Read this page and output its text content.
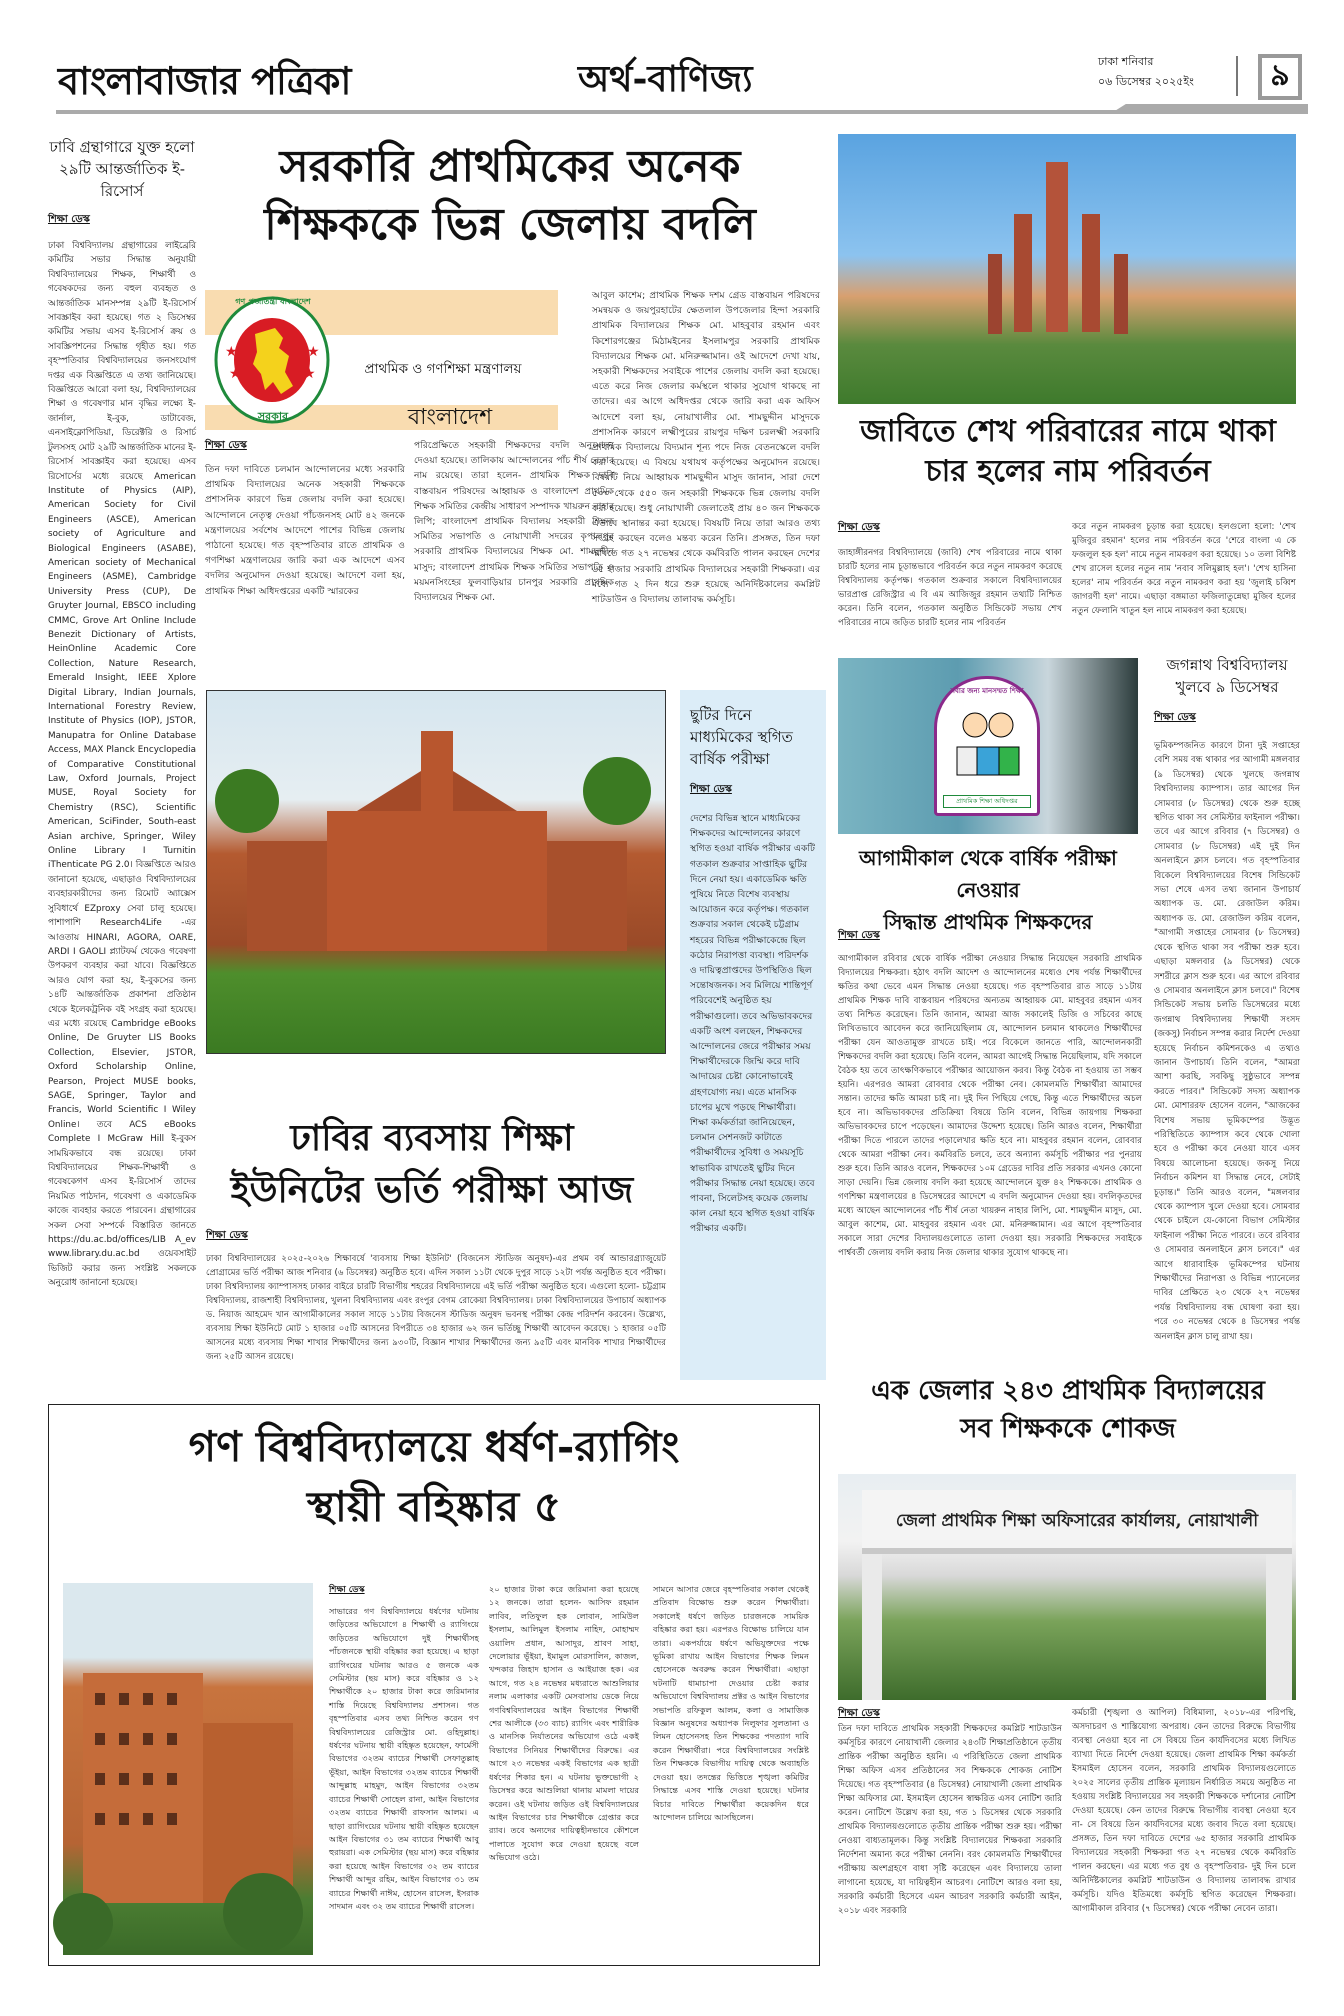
বাংলাবাজার পত্রিকা	অর্থ-বাণিজ্য	ঢাকা শনিবার
০৬ ডিসেম্বর ২০২৫ইং	৯
ঢাবি গ্রন্থাগারে যুক্ত হলো ২৯টি আন্তর্জাতিক ই-রিসোর্স
শিক্ষা ডেস্ক
ঢাকা বিশ্ববিদ্যালয় গ্রন্থাগারের লাইব্রেরি কমিটির সভার সিদ্ধান্ত অনুযায়ী বিশ্ববিদ্যালয়ের শিক্ষক, শিক্ষার্থী ও গবেষকদের জন্য বহুল ব্যবহৃত ও আন্তর্জাতিক মানসম্পন্ন ২৯টি ই-রিসোর্স সাবস্ক্রাইব করা হয়েছে। গত ২ ডিসেম্বর কমিটির সভায় এসব ই-রিসোর্স ক্রয় ও সাবস্ক্রিপশনের সিদ্ধান্ত গৃহীত হয়। গত বৃহস্পতিবার বিশ্ববিদ্যালয়ের জনসংযোগ দপ্তর এক বিজ্ঞপ্তিতে এ তথ্য জানিয়েছে। বিজ্ঞপ্তিতে আরো বলা হয়, বিশ্ববিদ্যালয়ের শিক্ষা ও গবেষণার মান বৃদ্ধির লক্ষ্যে ই-জার্নাল, ই-বুক, ডাটাবেজ, এনসাইক্লোপিডিয়া, ডিরেক্টরি ও রিসার্চ টুলসসহ মোট ২৯টি আন্তর্জাতিক মানের ই-রিসোর্স সাবস্ক্রাইব করা হয়েছে। এসব রিসোর্সের মধ্যে রয়েছে American Institute of Physics (AIP), American Society for Civil Engineers (ASCE), American society of Agriculture and Biological Engineers (ASABE), American society of Mechanical Engineers (ASME), Cambridge University Press (CUP), De Gruyter Journal, EBSCO including CMMC, Grove Art Online Include Benezit Dictionary of Artists, HeinOnline Academic Core Collection, Nature Research, Emerald Insight, IEEE Xplore Digital Library, Indian Journals, International Forestry Review, Institute of Physics (IOP), JSTOR, Manupatra for Online Database Access, MAX Planck Encyclopedia of Comparative Constitutional Law, Oxford Journals, Project MUSE, Royal Society for Chemistry (RSC), Scientific American, SciFinder, South-east Asian archive, Springer, Wiley Online Library I Turnitin iThenticate PG 2.0। বিজ্ঞপ্তিতে আরও জানানো হয়েছে, এছাড়াও বিশ্ববিদ্যালয়ের ব্যবহারকারীদের জন্য রিমোট অ্যাক্সেস সুবিধার্থে EZproxy সেবা চালু হয়েছে। পাশাপাশি Research4Life -এর আওতায় HINARI, AGORA, OARE, ARDI I GAOLI প্ল্যাটফর্ম থেকেও গবেষণা উপকরণ ব্যবহার করা যাবে। বিজ্ঞপ্তিতে আরও যোগ করা হয়, ই-বুকসের জন্য ১৪টি আন্তর্জাতিক প্রকাশনা প্রতিষ্ঠান থেকে ইলেকট্রনিক বই সংগ্রহ করা হয়েছে। এর মধ্যে রয়েছে Cambridge eBooks Online, De Gruyter LIS Books Collection, Elsevier, JSTOR, Oxford Scholarship Online, Pearson, Project MUSE books, SAGE, Springer, Taylor and Francis, World Scientific I Wiley Online। তবে ACS eBooks Complete I McGraw Hill ই-বুকস সাময়িকভাবে বন্ধ রয়েছে। ঢাকা বিশ্ববিদ্যালয়ের শিক্ষক-শিক্ষার্থী ও গবেষকেগণ এসব ই-রিসোর্স তাদের নিয়মিত পাঠদান, গবেষণা ও একাডেমিক কাজে ব্যবহার করতে পারবেন। গ্রন্থাগারের সকল সেবা সম্পর্কে বিস্তারিত জানতে https://du.ac.bd/offices/LIB A_ev www.library.du.ac.bd ওয়েবসাইট ভিজিট করার জন্য সংশ্লিষ্ট সকলকে অনুরোধ জানানো হয়েছে।
সরকারি প্রাথমিকের অনেক
শিক্ষককে ভিন্ন জেলায় বদলি
★	★
★	★
গণ প্রজাতন্ত্রী বাংলাদেশ
সরকার
প্রাথমিক ও গণশিক্ষা মন্ত্রণালয়
বাংলাদেশ
শিক্ষা ডেস্ক
তিন দফা দাবিতে চলমান আন্দোলনের মধ্যে সরকারি প্রাথমিক বিদ্যালয়ের অনেক সহকারী শিক্ষককে প্রশাসনিক কারণে ভিন্ন জেলায় বদলি করা হয়েছে। আন্দোলনে নেতৃত্ব দেওয়া পাঁচজনসহ মোট ৪২ জনকে মন্ত্রণালয়ের সর্বশেষ আদেশে পাশের বিভিন্ন জেলায় পাঠানো হয়েছে। গত বৃহস্পতিবার রাতে প্রাথমিক ও গণশিক্ষা মন্ত্রণালয়ের জারি করা এক আদেশে এসব বদলির অনুমোদন দেওয়া হয়েছে। আদেশে বলা হয়, প্রাথমিক শিক্ষা অধিদপ্তরের একটি স্মারকের
পরিপ্রেক্ষিতে সহকারী শিক্ষকদের বদলি অনুমোদন দেওয়া হয়েছে। তালিকায় আন্দোলনের পাঁচ শীর্ষ নেতার নাম রয়েছে। তারা হলেন- প্রাথমিক শিক্ষক দাবি বাস্তবায়ন পরিষদের আহ্বায়ক ও বাংলাদেশ প্রাথমিক শিক্ষক সমিতির কেন্দ্রীয় সাধারণ সম্পাদক খায়রুন নাহার লিপি; বাংলাদেশ প্রাথমিক বিদ্যালয় সহকারী শিক্ষক সমিতির সভাপতি ও নোয়াখালী সদরের কৃপালপুর সরকারি প্রাথমিক বিদ্যালয়ের শিক্ষক মো. শামছুদ্দীন মাসুদ; বাংলাদেশ প্রাথমিক শিক্ষক সমিতির সভাপতি ও ময়মনসিংহের ফুলবাড়িয়ার চানপুর সরকারি প্রাথমিক বিদ্যালয়ের শিক্ষক মো.
আবুল কাশেম; প্রাথমিক শিক্ষক দশম গ্রেড বাস্তবায়ন পরিষদের সমন্বয়ক ও জয়পুরহাটের ক্ষেতলাল উপজেলার হিন্দা সরকারি প্রাথমিক বিদ্যালয়ের শিক্ষক মো. মাহবুবার রহমান এবং কিশোরগঞ্জের মিঠামইনের ইসলামপুর সরকারি প্রাথমিক বিদ্যালয়ের শিক্ষক মো. মনিরুজ্জামান। ওই আদেশে দেখা যায়, সহকারী শিক্ষকদের সবাইকে পাশের জেলায় বদলি করা হয়েছে। এতে করে নিজ জেলার কর্মস্থলে থাকার সুযোগ থাকছে না তাদের। এর আগে অধিদপ্তর থেকে জারি করা এক অফিস আদেশে বলা হয়, নোয়াখালীর মো. শামছুদ্দীন মাসুদকে প্রশাসনিক কারণে লক্ষ্মীপুরের রায়পুর দক্ষিণ চরলক্ষ্মী সরকারি প্রাথমিক বিদ্যালয়ে বিদ্যমান শূন্য পদে নিজ বেতনস্কেলে বদলি করা হয়েছে। এ বিষয়ে যথাযথ কর্তৃপক্ষের অনুমোদন রয়েছে। বিষয়টি নিয়ে আহ্বায়ক শামছুদ্দীন মাসুদ জানান, সারা দেশে ৫০০ থেকে ৫৫০ জন সহকারী শিক্ষককে ভিন্ন জেলায় বদলি করা হয়েছে। শুধু নোয়াখালী জেলাতেই প্রায় ৪০ জন শিক্ষককে এভাবে স্থানান্তর করা হয়েছে। বিষয়টি নিয়ে তারা আরও তথ্য সংগ্রহ করছেন বলেও মন্তব্য করেন তিনি। প্রসঙ্গত, তিন দফা দাবিতে গত ২৭ নভেম্বর থেকে কর্মবিরতি পালন করছেন দেশের ৬৫ হাজার সরকারি প্রাথমিক বিদ্যালয়ের সহকারী শিক্ষকরা। এর মধ্যে গত ২ দিন ধরে শুরু হয়েছে অনির্দিষ্টকালের কমপ্লিট শাটডাউন ও বিদ্যালয় তালাবদ্ধ কর্মসূচি।
জাবিতে শেখ পরিবারের নামে থাকা
চার হলের নাম পরিবর্তন
শিক্ষা ডেস্ক
জাহাঙ্গীরনগর বিশ্ববিদ্যালয়ে (জাবি) শেখ পরিবারের নামে থাকা চারটি হলের নাম চূড়ান্তভাবে পরিবর্তন করে নতুন নামকরণ করেছে বিশ্ববিদ্যালয় কর্তৃপক্ষ। গতকাল শুক্রবার সকালে বিশ্ববিদ্যালয়ের ভারপ্রাপ্ত রেজিস্ট্রার এ বি এম আজিজুর রহমান তথ্যটি নিশ্চিত করেন। তিনি বলেন, গতকাল অনুষ্ঠিত সিন্ডিকেট সভায় শেখ পরিবারের নামে জড়িত চারটি হলের নাম পরিবর্তন
করে নতুন নামকরণ চূড়ান্ত করা হয়েছে। হলগুলো হলো: 'শেখ মুজিবুর রহমান' হলের নাম পরিবর্তন করে 'শেরে বাংলা এ কে ফজলুল হক হল' নামে নতুন নামকরণ করা হয়েছে। ১০ তলা বিশিষ্ট শেখ রাসেল হলের নতুন নাম 'নবাব সলিমুল্লাহ হল'। 'শেখ হাসিনা হলের' নাম পরিবর্তন করে নতুন নামকরণ করা হয় 'জুলাই চব্বিশ জাগরণী হল' নামে। এছাড়া বঙ্গমাতা ফজিলাতুন্নেছা মুজিব হলের নতুন ফেলানি খাতুন হল নামে নামকরণ করা হয়েছে।
ছুটির দিনে মাধ্যমিকের স্থগিত বার্ষিক পরীক্ষা
শিক্ষা ডেস্ক
দেশের বিভিন্ন স্থানে মাধ্যমিকের শিক্ষকদের আন্দোলনের কারণে স্থগিত হওয়া বার্ষিক পরীক্ষার একটি গতকাল শুক্রবার সাপ্তাহিক ছুটির দিনে নেয়া হয়। একাডেমিক ক্ষতি পুষিয়ে নিতে বিশেষ ব্যবস্থায় আয়োজন করে কর্তৃপক্ষ। গতকাল শুক্রবার সকাল থেকেই চট্টগ্রাম শহরের বিভিন্ন পরীক্ষাকেন্দ্রে ছিল কঠোর নিরাপত্তা ব্যবস্থা। পরিদর্শক ও দায়িত্বপ্রাপ্তদের উপস্থিতিও ছিল সন্তোষজনক। সব মিলিয়ে শান্তিপূর্ণ পরিবেশেই অনুষ্ঠিত হয় পরীক্ষাগুলো। তবে অভিভাবকদের একটি অংশ বলছেন, শিক্ষকদের আন্দোলনের জেরে পরীক্ষার সময় শিক্ষার্থীদেরকে জিম্মি করে দাবি আদায়ের চেষ্টা কোনোভাবেই গ্রহণযোগ্য নয়। এতে মানসিক চাপের মুখে পড়ছে শিক্ষার্থীরা। শিক্ষা কর্মকর্তারা জানিয়েছেন, চলমান সেশনজট কাটাতে পরীক্ষার্থীদের সুবিধা ও সময়সূচি স্বাভাবিক রাখতেই ছুটির দিনে পরীক্ষার সিদ্ধান্ত নেয়া হয়েছে। তবে পাবনা, সিলেটসহ কয়েক জেলায় কাল নেয়া হবে স্থগিত হওয়া বার্ষিক পরীক্ষার একটি।
সবার জন্য মানসম্মত শিক্ষা
প্রাথমিক শিক্ষা অধিদপ্তর
আগামীকাল থেকে বার্ষিক পরীক্ষা নেওয়ার
সিদ্ধান্ত প্রাথমিক শিক্ষকদের
শিক্ষা ডেস্ক
আগামীকাল রবিবার থেকে বার্ষিক পরীক্ষা নেওয়ার সিদ্ধান্ত নিয়েছেন সরকারি প্রাথমিক বিদ্যালয়ের শিক্ষকরা। হঠাৎ বদলি আদেশ ও আন্দোলনের মধ্যেও শেষ পর্যন্ত শিক্ষার্থীদের ক্ষতির কথা ভেবে এমন সিদ্ধান্ত নেওয়া হয়েছে। গত বৃহস্পতিবার রাত সাড়ে ১১টায় প্রাথমিক শিক্ষক দাবি বাস্তবায়ন পরিষদের অন্যতম আহ্বায়ক মো. মাহবুবর রহমান এসব তথ্য নিশ্চিত করেছেন। তিনি জানান, আমরা আজ সকালেই ডিজি ও সচিবের কাছে লিখিতভাবে আবেদন করে জানিয়েছিলাম যে, আন্দোলন চলমান থাকলেও শিক্ষার্থীদের পরীক্ষা যেন আওতামুক্ত রাখতে চাই। পরে বিকেলে জানতে পারি, আন্দোলনকারী শিক্ষকদের বদলি করা হয়েছে। তিনি বলেন, আমরা আগেই সিদ্ধান্ত নিয়েছিলাম, যদি সকালে বৈঠক হয় তবে তাৎক্ষণিকভাবে পরীক্ষার আয়োজন করব। কিন্তু বৈঠক না হওয়ায় তা সম্ভব হয়নি। এরপরও আমরা রোববার থেকে পরীক্ষা নেব। কোমলমতি শিক্ষার্থীরা আমাদের সন্তান। তাদের ক্ষতি আমরা চাই না। দুই দিন পিছিয়ে গেছে, কিন্তু এতে শিক্ষার্থীদের অচল হবে না। অভিভাবকদের প্রতিক্রিয়া বিষয়ে তিনি বলেন, বিভিন্ন জায়গায় শিক্ষকরা অভিভাবকদের চাপে পড়েছেন। আমাদের উদ্দেশ্য হয়েছে। তিনি আরও বলেন, শিক্ষার্থীরা পরীক্ষা দিতে পারলে তাদের পড়ালেখার ক্ষতি হবে না। মাহবুবর রহমান বলেন, রোববার থেকে আমরা পরীক্ষা নেব। কর্মবিরতি চলবে, তবে অন্যান্য কর্মসূচি পরীক্ষার পর পুনরায় শুরু হবে। তিনি আরও বলেন, শিক্ষকদের ১০ম গ্রেডের দাবির প্রতি সরকার এখনও কোনো সাড়া দেয়নি। ভিন্ন জেলায় বদলি করা হয়েছে আন্দোলনে যুক্ত ৪২ শিক্ষককে। প্রাথমিক ও গণশিক্ষা মন্ত্রণালয়ের ৪ ডিসেম্বরের আদেশে এ বদলি অনুমোদন দেওয়া হয়। বদলিকৃতদের মধ্যে আছেন আন্দোলনের পাঁচ শীর্ষ নেতা খায়রুন নাহার লিপি, মো. শামছুদ্দীন মাসুদ, মো. আবুল কাশেম, মো. মাহবুবর রহমান এবং মো. মনিরুজ্জামান। এর আগে বৃহস্পতিবার সকালে সারা দেশের বিদ্যালয়গুলোতে তালা দেওয়া হয়। সরকারি শিক্ষকদের সবাইকে পার্শ্ববর্তী জেলায় বদলি করায় নিজ জেলার থাকার সুযোগ থাকছে না।
জগন্নাথ বিশ্ববিদ্যালয় খুলবে ৯ ডিসেম্বর
শিক্ষা ডেস্ক
ভূমিকম্পজনিত কারণে টানা দুই সপ্তাহের বেশি সময় বন্ধ থাকার পর আগামী মঙ্গলবার (৯ ডিসেম্বর) থেকে খুলছে জগন্নাথ বিশ্ববিদ্যালয় ক্যাম্পাস। তার আগের দিন সোমবার (৮ ডিসেম্বর) থেকে শুরু হচ্ছে স্থগিত থাকা সব সেমিস্টার ফাইনাল পরীক্ষা। তবে এর আগে রবিবার (৭ ডিসেম্বর) ও সোমবার (৮ ডিসেম্বর) এই দুই দিন অনলাইনে ক্লাস চলবে। গত বৃহস্পতিবার বিকেলে বিশ্ববিদ্যালয়ের বিশেষ সিন্ডিকেট সভা শেষে এসব তথ্য জানান উপাচার্য অধ্যাপক ড. মো. রেজাউল করিম। অধ্যাপক ড. মো. রেজাউল করিম বলেন, "আগামী সপ্তাহের সোমবার (৮ ডিসেম্বর) থেকে স্থগিত থাকা সব পরীক্ষা শুরু হবে। এছাড়া মঙ্গলবার (৯ ডিসেম্বর) থেকে সশরীরে ক্লাস শুরু হবে। এর আগে রবিবার ও সোমবার অনলাইনে ক্লাস চলবে।" বিশেষ সিন্ডিকেট সভায় চলতি ডিসেম্বরের মধ্যে জগন্নাথ বিশ্ববিদ্যালয় শিক্ষার্থী সংসদ (জকসু) নির্বাচন সম্পন্ন করার নির্দেশ দেওয়া হয়েছে নির্বাচন কমিশনকেও এ তথ্যও জানান উপাচার্য। তিনি বলেন, "আমরা আশা করছি, সবকিছু সুষ্ঠুভাবে সম্পন্ন করতে পারব।" সিন্ডিকেট সদস্য অধ্যাপক মো. মোশাররফ হোসেন বলেন, "আজকের বিশেষ সভায় ভূমিকম্পের উদ্ভূত পরিস্থিতিতে ক্যাম্পাস কবে থেকে খোলা হবে ও পরীক্ষা কবে নেওয়া যাবে এসব বিষয়ে আলোচনা হয়েছে। জকসু নিয়ে নির্বাচন কমিশন যা সিদ্ধান্ত নেবে, সেটাই চূড়ান্ত।" তিনি আরও বলেন, "মঙ্গলবার থেকে ক্যাম্পাস খুলে দেওয়া হবে। সোমবার থেকে চাইলে যে-কোনো বিভাগ সেমিস্টার ফাইনাল পরীক্ষা নিতে পারবে। তবে রবিবার ও সোমবার অনলাইনে ক্লাস চলবে।" এর আগে ধারাবাহিক ভূমিকম্পের ঘটনায় শিক্ষার্থীদের নিরাপত্তা ও বিভিন্ন প্যানেলের দাবির প্রেক্ষিতে ২৩ থেকে ২৭ নভেম্বর পর্যন্ত বিশ্ববিদ্যালয় বন্ধ ঘোষণা করা হয়। পরে ৩০ নভেম্বর থেকে ৪ ডিসেম্বর পর্যন্ত অনলাইন ক্লাস চালু রাখা হয়।
ঢাবির ব্যবসায় শিক্ষা
ইউনিটের ভর্তি পরীক্ষা আজ
শিক্ষা ডেস্ক
ঢাকা বিশ্ববিদ্যালয়ের ২০২৫-২০২৬ শিক্ষাবর্ষে 'ব্যবসায় শিক্ষা ইউনিট' (বিজনেস স্টাডিজ অনুষদ)-এর প্রথম বর্ষ আন্ডারগ্র্যাজুয়েট প্রোগ্রামের ভর্তি পরীক্ষা আজ শনিবার (৬ ডিসেম্বর) অনুষ্ঠিত হবে। এদিন সকাল ১১টা থেকে দুপুর সাড়ে ১২টা পর্যন্ত অনুষ্ঠিত হবে পরীক্ষা। ঢাকা বিশ্ববিদ্যালয় ক্যাম্পাসসহ ঢাকার বাইরে চারটি বিভাগীয় শহরের বিশ্ববিদ্যালয়ে এই ভর্তি পরীক্ষা অনুষ্ঠিত হবে। এগুলো হলো- চট্টগ্রাম বিশ্ববিদ্যালয়, রাজশাহী বিশ্ববিদ্যালয়, খুলনা বিশ্ববিদ্যালয় এবং রংপুর বেগম রোকেয়া বিশ্ববিদ্যালয়। ঢাকা বিশ্ববিদ্যালয়ের উপাচার্য অধ্যাপক ড. নিয়াজ আহমেদ খান আগামীকালের সকাল সাড়ে ১১টায় বিজনেস স্টাডিজ অনুষদ ভবনস্থ পরীক্ষা কেন্দ্র পরিদর্শন করবেন। উল্লেখ্য, ব্যবসায় শিক্ষা ইউনিটে মোট ১ হাজার ০৫টি আসনের বিপরীতে ৩৪ হাজার ৬২ জন ভর্তিচ্ছু শিক্ষার্থী আবেদন করেছে। ১ হাজার ০৫টি আসনের মধ্যে ব্যবসায় শিক্ষা শাখার শিক্ষার্থীদের জন্য ৯৩০টি, বিজ্ঞান শাখার শিক্ষার্থীদের জন্য ৯৫টি এবং মানবিক শাখার শিক্ষার্থীদের জন্য ২৫টি আসন রয়েছে।
গণ বিশ্ববিদ্যালয়ে ধর্ষণ-র‍্যাগিং
স্থায়ী বহিষ্কার ৫
শিক্ষা ডেস্ক
সাভারের গণ বিশ্ববিদ্যালয়ে ধর্ষণের ঘটনায় জড়িতের অভিযোগে ৪ শিক্ষার্থী ও র‍্যাগিংয়ে জড়িতের অভিযোগে দুই শিক্ষার্থীসহ পাঁচজনকে স্থায়ী বহিষ্কার করা হয়েছে। এ ছাড়া র‍্যাগিংয়ের ঘটনায় আরও ৫ জনকে এক সেমিস্টার (ছয় মাস) করে বহিষ্কার ও ১২ শিক্ষার্থীকে ২০ হাজার টাকা করে জরিমানার শাস্তি দিয়েছে বিশ্ববিদ্যালয় প্রশাসন। গত বৃহস্পতিবার এসব তথ্য নিশ্চিত করেন গণ বিশ্ববিদ্যালয়ের রেজিস্ট্রার মো. ওহিদুল্লাহ। ধর্ষণের ঘটনায় স্থায়ী বহিষ্কৃত হয়েছেন, ফার্মেসী বিভাগের ৩২তম ব্যাচের শিক্ষার্থী সেফাতুল্লাহ ভূঁইয়া, আইন বিভাগের ৩২তম ব্যাচের শিক্ষার্থী আব্দুল্লাহ মাহমুদ, আইন বিভাগের ৩২তম ব্যাচের শিক্ষার্থী সোহেল রানা, আইন বিভাগের ৩২তম ব্যাচের শিক্ষার্থী রাফসান আলম। এ ছাড়া র‍্যাগিংয়ের ঘটনায় স্থায়ী বহিষ্কৃত হয়েছেন আইন বিভাগের ৩১ তম ব্যাচের শিক্ষার্থী আবু হুরায়রা। এক সেমিস্টার (ছয় মাস) করে বহিষ্কার করা হয়েছে আইন বিভাগের ৩২ তম ব্যাচের শিক্ষার্থী আব্দুর রহিম, আইন বিভাগের ৩১ তম ব্যাচের শিক্ষার্থী নাঈম, হোসেন রাসেল, ইসরাক সাদমান এবং ৩২ তম ব্যাচের শিক্ষার্থী রাসেল।
২০ হাজার টাকা করে জরিমানা করা হয়েছে ১২ জনকে। তারা হলেন- আসিফ রহমান লাবিব, লতিফুল হক লোবান, সামিউল ইসলাম, আলিমুল ইসলাম নাহিদ, মোহাম্মদ ওয়ালিদ প্রধান, আসাদুর, শ্রাবণ সাহা, দেলোয়ার ভূঁইয়া, ইমামুল মোরসালিন, কাজল, খন্দকার জিহাদ হাসান ও আইয়াজ হক। এর আগে, গত ২৪ নভেম্বর মধ্যরাতে আশুলিয়ার নলাম এলাকার একটি মেসবাসায় ডেকে নিয়ে গণবিশ্ববিদ্যালয়ের আইন বিভাগের শিক্ষার্থী শের আলীকে (৩৩ ব্যাচ) র‍্যাগিং এবং শারীরিক ও মানসিক নির্যাতনের অভিযোগ ওঠে একই বিভাগের সিনিয়র শিক্ষার্থীদের বিরুদ্ধে। এর আগে ২৩ নভেম্বর একই বিভাগের এক ছাত্রী ধর্ষণের শিকার হন। এ ঘটনায় ভুক্তভোগী ২ ডিসেম্বর করে আশুলিয়া থানায় মামলা দায়ের করেন। ওই ঘটনায় জড়িত ওই বিশ্ববিদ্যালয়ের আইন বিভাগের চার শিক্ষার্থীকে গ্রেপ্তার করে র‍্যাব। তবে অন্যদের দায়িত্বহীনভাবে কৌশলে পালাতে সুযোগ করে দেওয়া হয়েছে বলে অভিযোগ ওঠে।
সামনে আসার জেরে বৃহস্পতিবার সকাল থেকেই প্রতিবাদ বিক্ষোভ শুরু করেন শিক্ষার্থীরা। সকালেই ধর্ষণে জড়িত চারজনকে সাময়িক বহিষ্কার করা হয়। এরপরও বিক্ষোভ চালিয়ে যান তারা। একপর্যায়ে ধর্ষণে অভিযুক্তদের পক্ষে ভূমিকা রাখায় আইন বিভাগের শিক্ষক লিমন হোসেনকে অবরুদ্ধ করেন শিক্ষার্থীরা। এছাড়া ঘটনাটি ধামাচাপা দেওয়ার চেষ্টা করার অভিযোগে বিশ্ববিদ্যালয় প্রক্টর ও আইন বিভাগের সভাপতি রফিকুল আলম, কলা ও সামাজিক বিজ্ঞান অনুষদের অধ্যাপক নিলুফার সুলতানা ও লিমন হোসেনসহ তিন শিক্ষকের পদত্যাগ দাবি করেন শিক্ষার্থীরা। পরে বিশ্ববিদ্যালয়ের সংশ্লিষ্ট তিন শিক্ষককে বিভাগীয় দায়িত্ব থেকে অব্যাহতি দেওয়া হয়। তদন্তের ভিত্তিতে শৃঙ্খলা কমিটির সিদ্ধান্তে এসব শাস্তি দেওয়া হয়েছে। ঘটনার বিচার দাবিতে শিক্ষার্থীরা কয়েকদিন ধরে আন্দোলন চালিয়ে আসছিলেন।
এক জেলার ২৪৩ প্রাথমিক বিদ্যালয়ের
সব শিক্ষককে শোকজ
জেলা প্রাথমিক শিক্ষা অফিসারের কার্যালয়, নোয়াখালী
শিক্ষা ডেস্ক
তিন দফা দাবিতে প্রাথমিক সহকারী শিক্ষকদের কমপ্লিট শাটডাউন কর্মসূচির কারণে নোয়াখালী জেলার ২৪৩টি শিক্ষাপ্রতিষ্ঠানে তৃতীয় প্রান্তিক পরীক্ষা অনুষ্ঠিত হয়নি। এ পরিস্থিতিতে জেলা প্রাথমিক শিক্ষা অফিস এসব প্রতিষ্ঠানের সব শিক্ষককে শোকজ নোটিশ দিয়েছে। গত বৃহস্পতিবার (৪ ডিসেম্বর) নোয়াখালী জেলা প্রাথমিক শিক্ষা অফিসার মো. ইসমাইল হোসেন স্বাক্ষরিত এসব নোটিশ জারি করেন। নোটিশে উল্লেখ করা হয়, গত ১ ডিসেম্বর থেকে সরকারি প্রাথমিক বিদ্যালয়গুলোতে তৃতীয় প্রান্তিক পরীক্ষা শুরু হয়। পরীক্ষা নেওয়া বাধ্যতামূলক। কিন্তু সংশ্লিষ্ট বিদ্যালয়ের শিক্ষকরা সরকারি নির্দেশনা অমান্য করে পরীক্ষা নেননি। বরং কোমলমতি শিক্ষার্থীদের পরীক্ষায় অংশগ্রহণে বাধা সৃষ্টি করেছেন এবং বিদ্যালয়ে তালা লাগানো হয়েছে, যা দায়িত্বহীন আচরণ। নোটিশে আরও বলা হয়, সরকারি কর্মচারী হিসেবে এমন আচরণ সরকারি কর্মচারী আইন, ২০১৮ এবং সরকারি
কর্মচারী (শৃঙ্খলা ও আপিল) বিধিমালা, ২০১৮-এর পরিপন্থি, অসদাচরণ ও শাস্তিযোগ্য অপরাধ। কেন তাদের বিরুদ্ধে বিভাগীয় ব্যবস্থা নেওয়া হবে না সে বিষয়ে তিন কার্যদিবসের মধ্যে লিখিত ব্যাখ্যা দিতে নির্দেশ দেওয়া হয়েছে। জেলা প্রাথমিক শিক্ষা কর্মকর্তা ইসমাইল হোসেন বলেন, সরকারি প্রাথমিক বিদ্যালয়গুলোতে ২০২৫ সালের তৃতীয় প্রান্তিক মূল্যায়ন নির্ধারিত সময়ে অনুষ্ঠিত না হওয়ায় সংশ্লিষ্ট বিদ্যালয়ের সব সহকারী শিক্ষককে দর্শানোর নোটিশ দেওয়া হয়েছে। কেন তাদের বিরুদ্ধে বিভাগীয় ব্যবস্থা নেওয়া হবে না- সে বিষয়ে তিন কার্যদিবসের মধ্যে জবাব দিতে বলা হয়েছে। প্রসঙ্গত, তিন দফা দাবিতে দেশের ৬৫ হাজার সরকারি প্রাথমিক বিদ্যালয়ের সহকারী শিক্ষকরা গত ২৭ নভেম্বর থেকে কর্মবিরতি পালন করছেন। এর মধ্যে গত বুধ ও বৃহস্পতিবার- দুই দিন চলে অনির্দিষ্টকালের কমপ্লিট শাটডাউন ও বিদ্যালয় তালাবদ্ধ রাখার কর্মসূচি। যদিও ইতিমধ্যে কর্মসূচি স্থগিত করেছেন শিক্ষকরা। আগামীকাল রবিবার (৭ ডিসেম্বর) থেকে পরীক্ষা নেবেন তারা।
